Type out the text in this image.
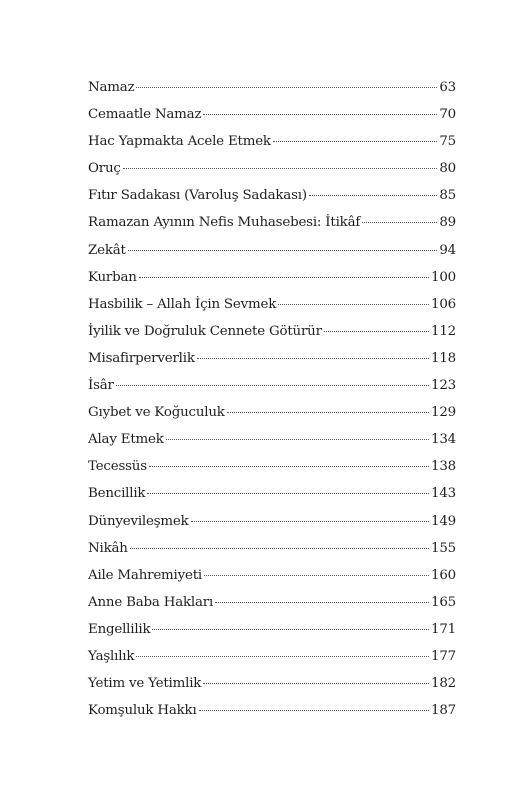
Namaz	63
Cemaatle Namaz	70
Hac Yapmakta Acele Etmek	75
Oruç	80
Fıtır Sadakası (Varoluş Sadakası)	85
Ramazan Ayının Nefis Muhasebesi: İtikâf	89
Zekât	94
Kurban	100
Hasbilik – Allah İçin Sevmek	106
İyilik ve Doğruluk Cennete Götürür	112
Misafirperverlik	118
İsâr	123
Gıybet ve Koğuculuk	129
Alay Etmek	134
Tecessüs	138
Bencillik	143
Dünyevileşmek	149
Nikâh	155
Aile Mahremiyeti	160
Anne Baba Hakları	165
Engellilik	171
Yaşlılık	177
Yetim ve Yetimlik	182
Komşuluk Hakkı	187
